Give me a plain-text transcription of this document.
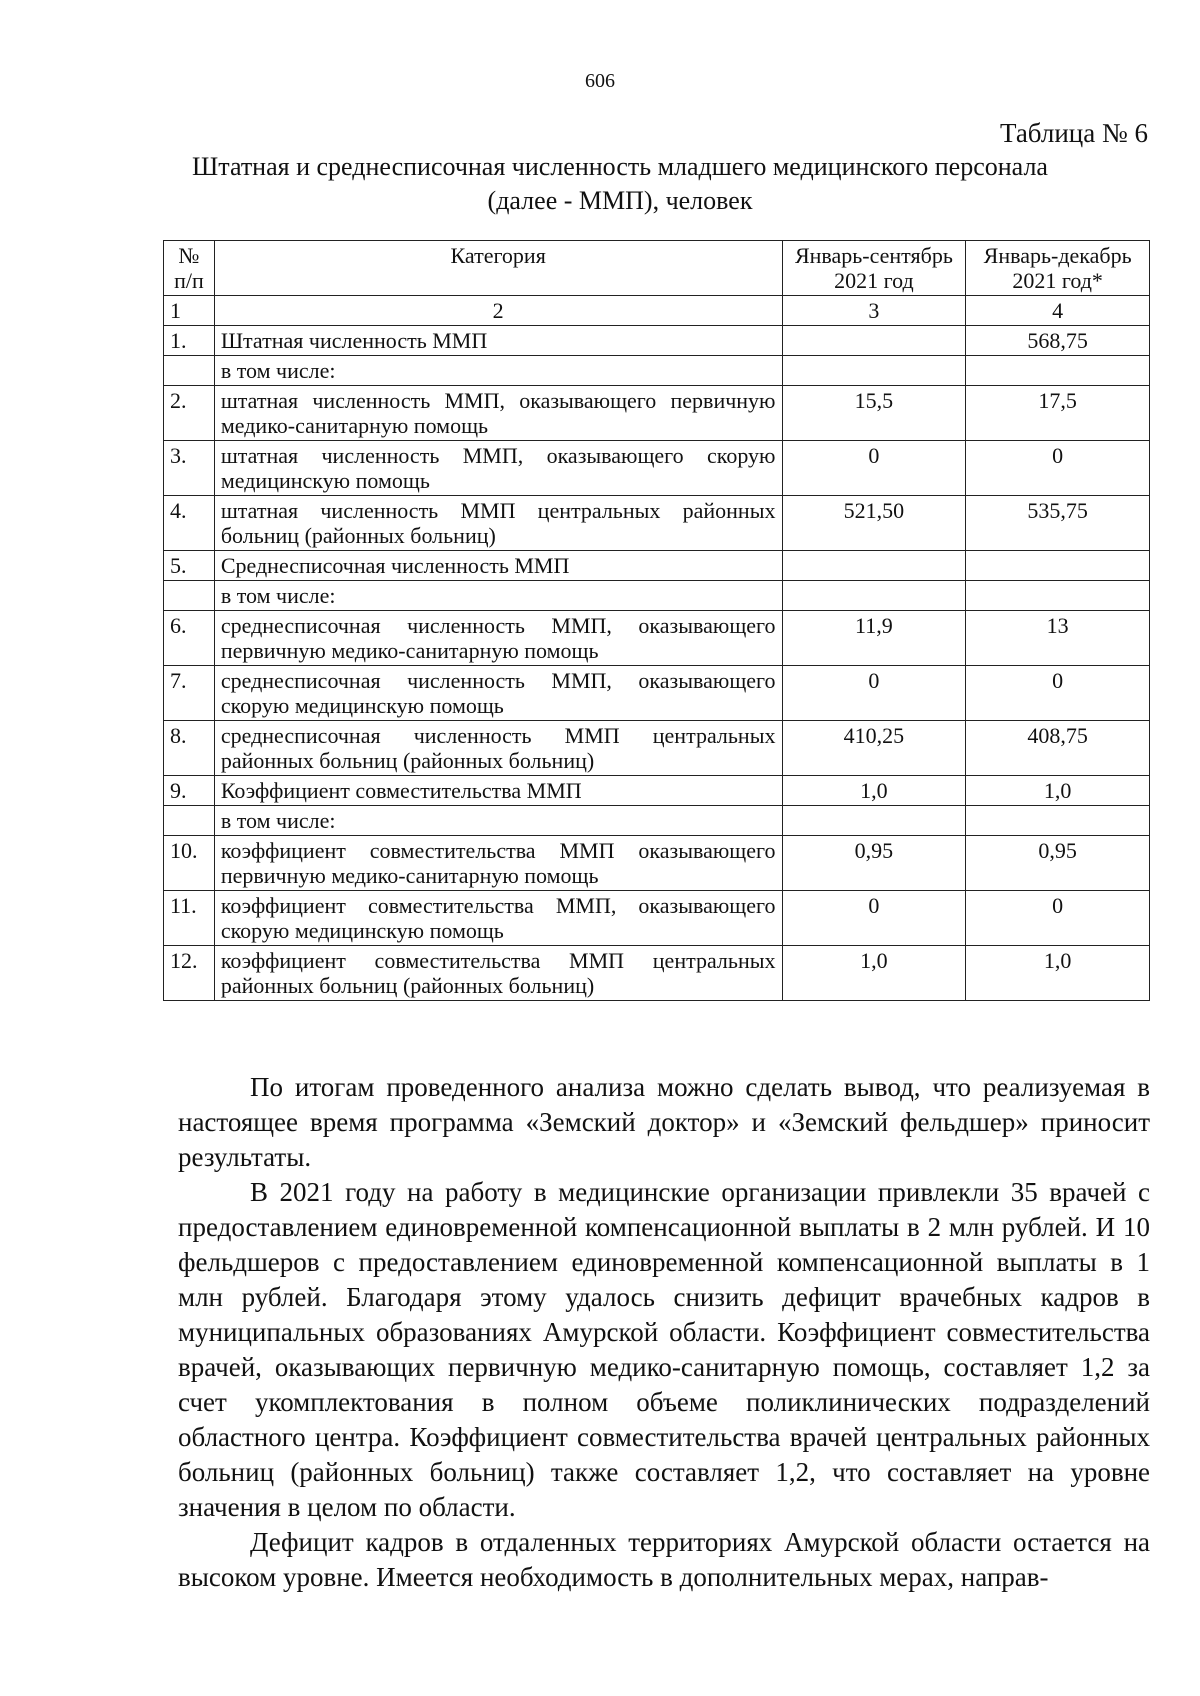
606
Таблица № 6
Штатная и среднесписочная численность младшего медицинского персонала (далее - ММП), человек
№ п/п	Категория	Январь-сентябрь 2021 год	Январь-декабрь 2021 год*
1	2	3	4
1.	Штатная численность ММП		568,75
	в том числе:		
2.	штатная численность ММП, оказывающего первичную медико-санитарную помощь	15,5	17,5
3.	штатная численность ММП, оказывающего скорую медицинскую помощь	0	0
4.	штатная численность ММП центральных районных больниц (районных больниц)	521,50	535,75
5.	Среднесписочная численность ММП		
	в том числе:		
6.	среднесписочная численность ММП, оказывающего первичную медико-санитарную помощь	11,9	13
7.	среднесписочная численность ММП, оказывающего скорую медицинскую помощь	0	0
8.	среднесписочная численность ММП центральных районных больниц (районных больниц)	410,25	408,75
9.	Коэффициент совместительства ММП	1,0	1,0
	в том числе:		
10.	коэффициент совместительства ММП оказывающего первичную медико-санитарную помощь	0,95	0,95
11.	коэффициент совместительства ММП, оказывающего скорую медицинскую помощь	0	0
12.	коэффициент совместительства ММП центральных районных больниц (районных больниц)	1,0	1,0

По итогам проведенного анализа можно сделать вывод, что реализуемая в настоящее время программа «Земский доктор» и «Земский фельдшер» приносит результаты.

В 2021 году на работу в медицинские организации привлекли 35 врачей с предоставлением единовременной компенсационной выплаты в 2 млн рублей. И 10 фельдшеров с предоставлением единовременной компенсационной выплаты в 1 млн рублей. Благодаря этому удалось снизить дефицит врачебных кадров в муниципальных образованиях Амурской области. Коэффициент совместительства врачей, оказывающих первичную медико-санитарную помощь, составляет 1,2 за счет укомплектования в полном объеме поликлинических подразделений областного центра. Коэффициент совместительства врачей центральных районных больниц (районных больниц) также составляет 1,2, что составляет на уровне значения в целом по области.

Дефицит кадров в отдаленных территориях Амурской области остается на высоком уровне. Имеется необходимость в дополнительных мерах, направ-
